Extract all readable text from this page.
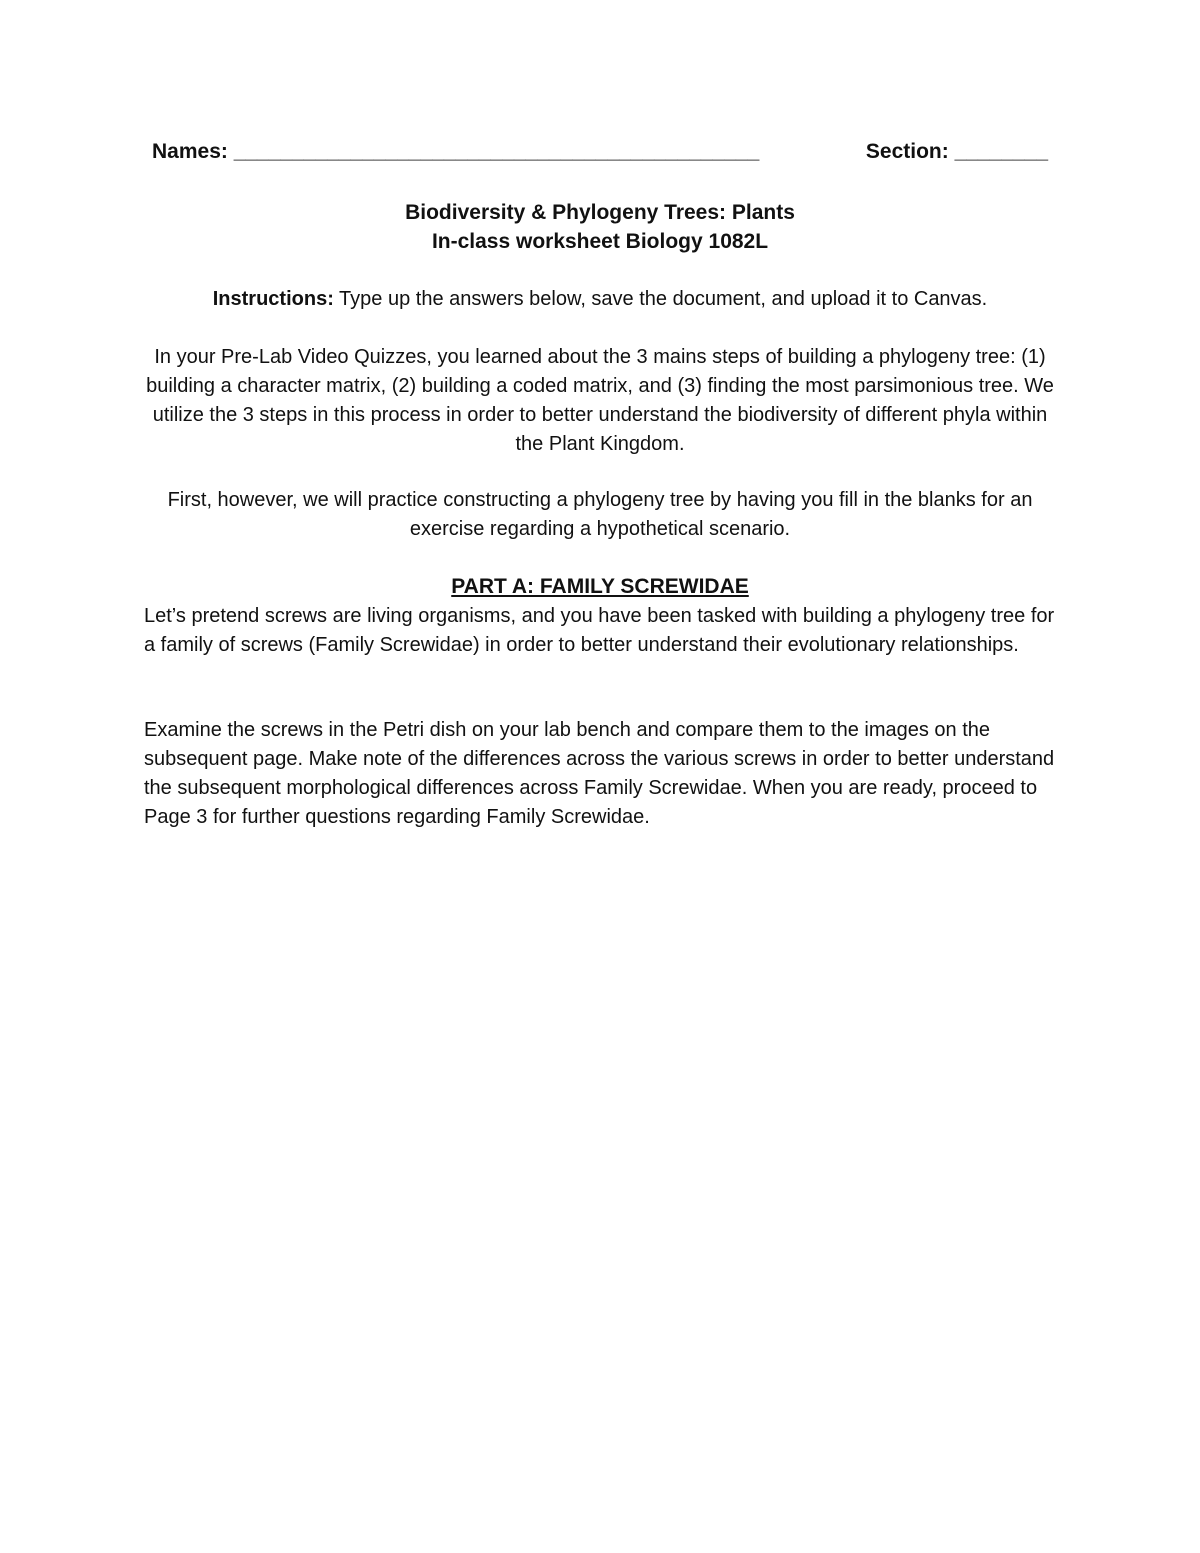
Names: _____________________________________________	Section: ________
Biodiversity & Phylogeny Trees: Plants
In-class worksheet Biology 1082L
Instructions: Type up the answers below, save the document, and upload it to Canvas.
In your Pre-Lab Video Quizzes, you learned about the 3 mains steps of building a phylogeny tree: (1) building a character matrix, (2) building a coded matrix, and (3) finding the most parsimonious tree. We utilize the 3 steps in this process in order to better understand the biodiversity of different phyla within the Plant Kingdom.
First, however, we will practice constructing a phylogeny tree by having you fill in the blanks for an exercise regarding a hypothetical scenario.
PART A: FAMILY SCREWIDAE
Let’s pretend screws are living organisms, and you have been tasked with building a phylogeny tree for a family of screws (Family Screwidae) in order to better understand their evolutionary relationships.
Examine the screws in the Petri dish on your lab bench and compare them to the images on the subsequent page. Make note of the differences across the various screws in order to better understand the subsequent morphological differences across Family Screwidae. When you are ready, proceed to Page 3 for further questions regarding Family Screwidae.
